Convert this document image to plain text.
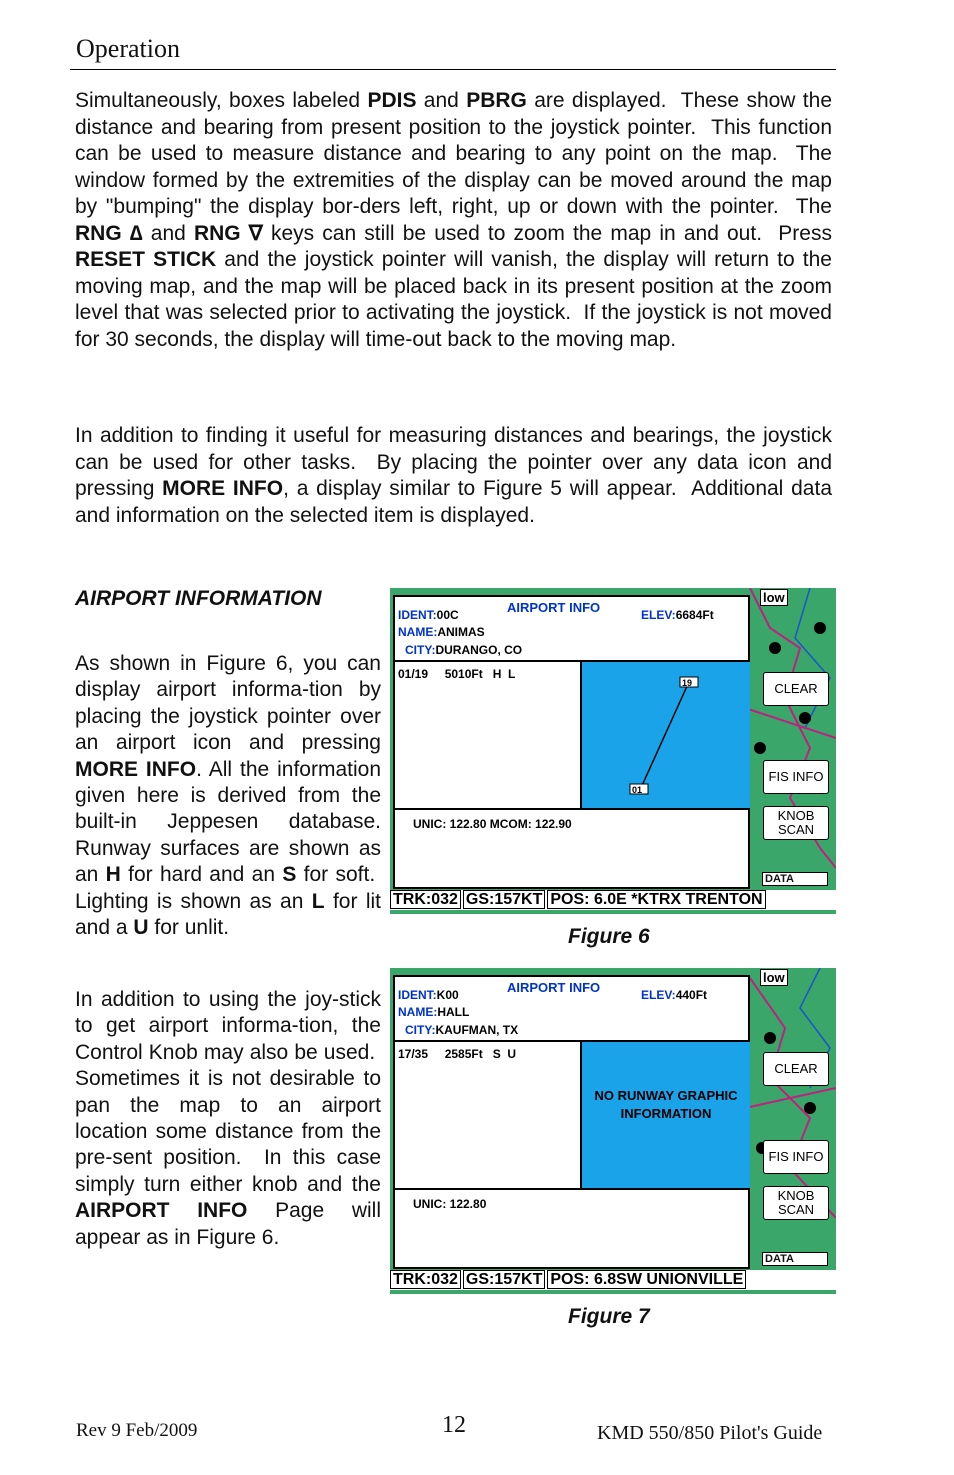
Operation

Simultaneously, boxes labeled PDIS and PBRG are displayed.  These show the distance and bearing from present position to the joystick pointer.  This function can be used to measure distance and bearing to any point on the map.  The window formed by the extremities of the display can be moved around the map by "bumping" the display bor-ders left, right, up or down with the pointer.  The RNG ∆ and RNG ∇ keys can still be used to zoom the map in and out.  Press RESET STICK and the joystick pointer will vanish, the display will return to the moving map, and the map will be placed back in its present position at the zoom level that was selected prior to activating the joystick.  If the joystick is not moved for 30 seconds, the display will time-out back to the moving map.

In addition to finding it useful for measuring distances and bearings, the joystick can be used for other tasks.  By placing the pointer over any data icon and pressing MORE INFO, a display similar to Figure 5 will appear.  Additional data and information on the selected item is displayed.

AIRPORT INFORMATION

As shown in Figure 6, you can display airport informa-tion by placing the joystick pointer over an airport icon and pressing MORE INFO. All the information given here is derived from the built-in Jeppesen database. Runway surfaces are shown as an H for hard and an S for soft.  Lighting is shown as an L for lit and a U for unlit.

In addition to using the joy-stick to get airport informa-tion, the Control Knob may also be used.  Sometimes it is not desirable to pan the map to an airport location some distance from the pre-sent position.  In this case simply turn either knob and the AIRPORT INFO Page will appear as in Figure 6.

low
AIRPORT INFO
IDENT:00C
NAME:ANIMAS
CITY:DURANGO, CO
ELEV:6684Ft
01/19     5010Ft   H  L
01
19
UNIC: 122.80 MCOM: 122.90
CLEAR
FIS INFO
KNOB SCAN
DATA
TRK:032 GS:157KT POS: 6.0E *KTRX TRENTON
Figure 6
low
AIRPORT INFO
IDENT:K00
NAME:HALL
CITY:KAUFMAN, TX
ELEV:440Ft
17/35     2585Ft   S  U
NO RUNWAY GRAPHIC INFORMATION
UNIC: 122.80
CLEAR
FIS INFO
KNOB SCAN
DATA
TRK:032 GS:157KT POS: 6.8SW UNIONVILLE
Figure 7
Rev 9 Feb/2009	12	KMD 550/850 Pilot's Guide
